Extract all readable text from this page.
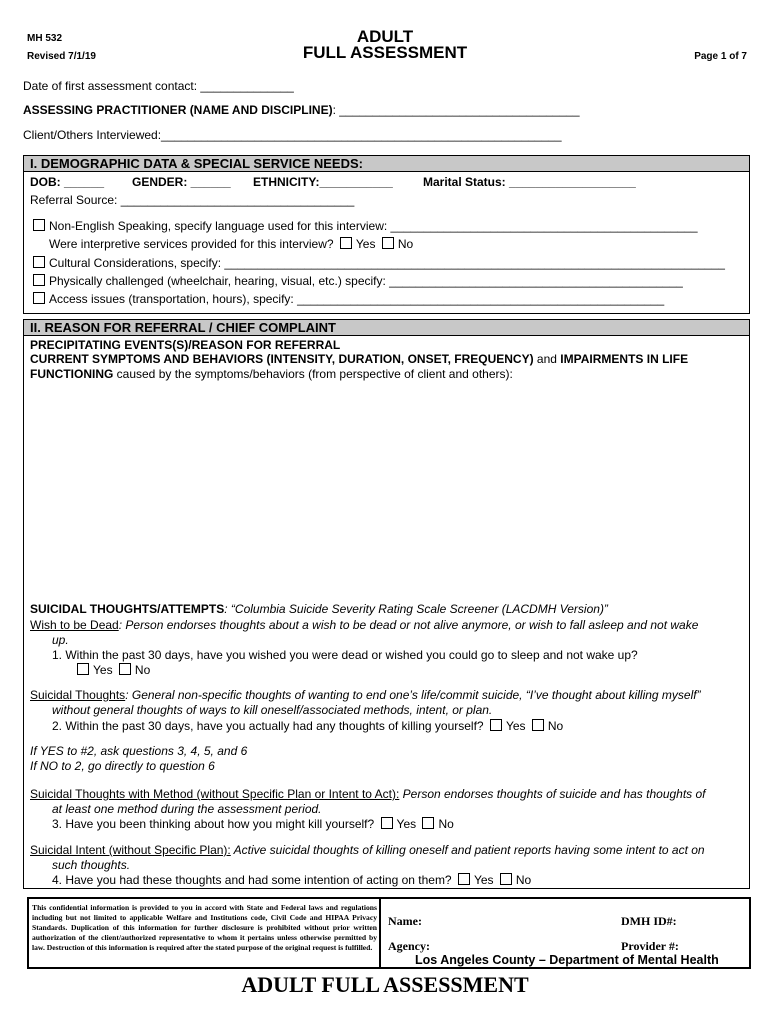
MH 532
Revised 7/1/19
ADULT
FULL ASSESSMENT	Page 1 of 7
Date of first assessment contact: ______________
ASSESSING PRACTITIONER (NAME AND DISCIPLINE): ____________________________________
Client/Others Interviewed:____________________________________________________________
I. DEMOGRAPHIC DATA & SPECIAL SERVICE NEEDS:
DOB: ______ GENDER: ______ ETHNICITY:___________	Marital Status: ___________________
Referral Source: ___________________________________
Non-English Speaking, specify language used for this interview: ______________________________________________
Were interpretive services provided for this interview? Yes No
Cultural Considerations, specify: ___________________________________________________________________________
Physically challenged (wheelchair, hearing, visual, etc.) specify: ____________________________________________
Access issues (transportation, hours), specify: _______________________________________________________
II. REASON FOR REFERRAL / CHIEF COMPLAINT
PRECIPITATING EVENTS(S)/REASON FOR REFERRAL
CURRENT SYMPTOMS AND BEHAVIORS (INTENSITY, DURATION, ONSET, FREQUENCY) and IMPAIRMENTS IN LIFE
FUNCTIONING caused by the symptoms/behaviors (from perspective of client and others):
SUICIDAL THOUGHTS/ATTEMPTS: “Columbia Suicide Severity Rating Scale Screener (LACDMH Version)”
Wish to be Dead: Person endorses thoughts about a wish to be dead or not alive anymore, or wish to fall asleep and not wake
up.
1. Within the past 30 days, have you wished you were dead or wished you could go to sleep and not wake up?
Yes No
Suicidal Thoughts: General non-specific thoughts of wanting to end one’s life/commit suicide, “I’ve thought about killing myself”
without general thoughts of ways to kill oneself/associated methods, intent, or plan.
2. Within the past 30 days, have you actually had any thoughts of killing yourself? Yes No
If YES to #2, ask questions 3, 4, 5, and 6
If NO to 2, go directly to question 6
Suicidal Thoughts with Method (without Specific Plan or Intent to Act): Person endorses thoughts of suicide and has thoughts of
at least one method during the assessment period.
3. Have you been thinking about how you might kill yourself? Yes No
Suicidal Intent (without Specific Plan): Active suicidal thoughts of killing oneself and patient reports having some intent to act on
such thoughts.
4. Have you had these thoughts and had some intention of acting on them? Yes No
This confidential information is provided to you in accord with State and Federal laws and regulations including but not limited to applicable Welfare and Institutions code, Civil Code and HIPAA Privacy Standards. Duplication of this information for further disclosure is prohibited without prior written authorization of the client/authorized representative to whom it pertains unless otherwise permitted by law. Destruction of this information is required after the stated purpose of the original request is fulfilled.
Name:	DMH ID#:
Agency:	Provider #:
Los Angeles County – Department of Mental Health
ADULT FULL ASSESSMENT
